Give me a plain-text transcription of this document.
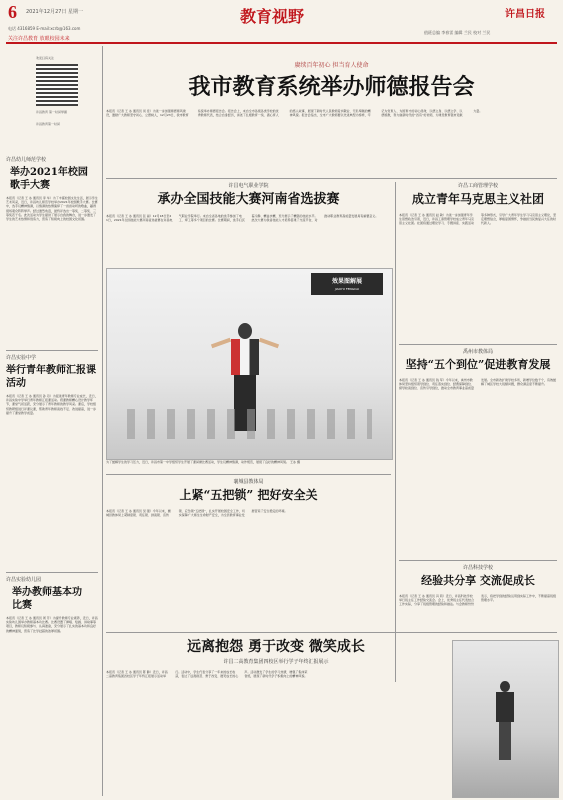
6 2021年12月27日 星期一	教育视野	许昌日报
值班总编 李春雷 编辑 兰民 校对 兰民
电话 4316859 E-mail:xcrb@163.com
关注许昌教育 放眼校园未来
欢迎扫码关注
许昌教育 第一时间掌握
许昌教育第一时间
许昌幼儿师范学校
举办2021年校园歌手大赛
本报讯（记者 王 冰 通讯员 李 华）为了丰富校园文化生活，展示学生艺术风采，近日，许昌幼儿师范学校举办2021年校园歌手大赛。比赛中，选手们精神饱满，以饱满的热情演绎了一首首动听的歌曲，赢得现场观众阵阵掌声。经过激烈角逐，最终评选出一等奖、二等奖、三等奖若干名。此次活动为学生提供了展示自我的舞台，进一步激发了学生的艺术热情和创造力，营造了积极向上的校园文化氛围。
许昌实验中学
举行青年教师汇报课活动
本报讯（记者 王 冰 通讯员 孙 丹）为促进青年教师专业成长，近日，许昌实验中学举行青年教师汇报课活动。授课教师精心设计教学环节，课堂气氛活跃，充分展示了青年教师的教学风采。课后，学校组织教研组进行评课议课，帮助青年教师查找不足、改进提高，进一步提升了课堂教学质量。
许昌实验幼儿园
举办教师基本功比赛
本报讯（记者 王 冰 通讯员 周 芳）为提升教师专业素养，近日，许昌实验幼儿园举办教师基本功比赛。比赛设置了弹唱、绘画、讲故事等项目，教师们积极参与、认真准备，充分展示了扎实的基本功和良好的精神面貌，营造了比学赶超的浓厚氛围。
赓续百年初心 担当育人使命
我市教育系统举办师德报告会
本报讯（记者 王 冰 通讯员 何 佳）为进一步加强师德师风建设，激励广大教师坚守初心、立德树人，12月23日，我市教育系统举办师德报告会。报告会上，来自全市各级各类学校的优秀教师代表，结合自身经历，讲述了扎根教育一线、潜心育人的感人故事，展现了新时代人民教师爱岗敬业、无私奉献的精神风貌。报告会指出，全市广大教师要以先进典型为榜样，牢记为党育人、为国育才的初心使命，以德立身、以德立学、以德施教，努力做新时代的“四有”好老师，为建设教育强市贡献力量。
许昌电气职业学院
承办全国技能大赛河南省选拔赛
本报讯（记者 王 冰 通讯员 张 丽）12月18日至21日，2021年全国技能大赛河南省选拔赛在许昌电气职业学院举行。来自全省各地的选手参加了电工、焊工等多个项目的比赛。比赛期间，选手们沉着冷静、精益求精，充分展示了精湛的技能水平。此次大赛为我省技能人才培养搭建了交流平台，对推动职业教育高质量发展具有重要意义。
效果图解展
JIAOYU FENGCAI
为了缓解学生的学习压力，近日，许昌市第一中学组织学生开展了课间操比赛活动，学生们精神饱满，动作规范，展现了良好的精神风貌。 王冰 摄
许昌工商管理学校
成立青年马克思主义社团
本报讯（记者 王 冰 通讯员 赵 敏）为进一步加强青年学生思想政治引领，近日，许昌工商管理学校成立青年马克思主义社团。社团将通过理论学习、专题讲座、实践活动等多种形式，引导广大青年学生学习马克思主义理论，坚定理想信念，厚植爱国情怀，争做担当民族复兴大任的时代新人。
禹州市教体局
坚持“五个到位”促进教育发展
本报讯（记者 王 冰 通讯员 钱 军）今年以来，禹州市教体局坚持组织领导到位、责任落实到位、经费保障到位、督导检查到位、宣传引导到位，推动全市教育事业高质量发展。全市新改扩建学校多所，新增学位数千个，有效缓解了城区学校大班额问题，群众满意度不断提升。
许昌科技学校
经验共分享 交流促成长
本报讯（记者 王 冰 通讯员 冯 莉）近日，许昌科技学校举行班主任工作经验交流会。会上，优秀班主任代表结合工作实际，分享了班级管理的经验和做法。与会教师纷纷表示，将把学到的经验运用到实际工作中，不断提高班级管理水平。
襄城县教体局
上紧“五把锁” 把好安全关
本报讯（记者 王 冰 通讯员 吴 强）今年以来，襄城县教体局上紧制度锁、责任锁、排查锁、宣传锁、应急锁“五把锁”，扎实开展校园安全工作，切实保障广大师生生命财产安全，为全县教育事业发展营造了安全稳定的环境。
远离抱怨 勇于改变 微笑成长
许昌二高教育集团四校区举行学子年终汇报展示
本报讯（记者 王 冰 通讯员 陈 静）近日，许昌二高教育集团四校区学子年终汇报展示活动举行。活动中，学生代表分享了一年来的成长收获，表达了远离抱怨、勇于改变、微笑成长的心声。活动激发了学生的学习热情，增强了集体荣誉感，展现了新时代学子积极向上的精神风貌。
